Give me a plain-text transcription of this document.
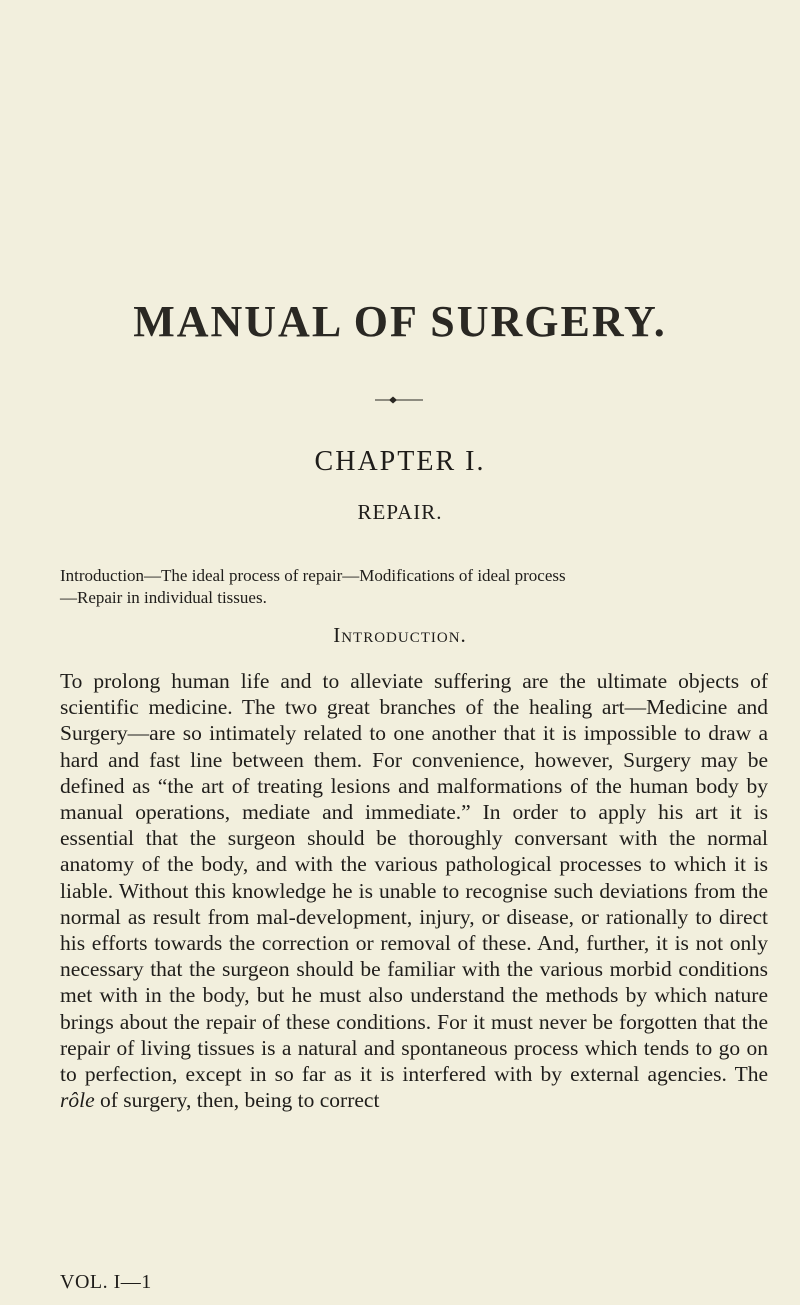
MANUAL OF SURGERY.
CHAPTER I.
REPAIR.
Introduction—The ideal process of repair—Modifications of ideal process
—Repair in individual tissues.
Introduction.

To prolong human life and to alleviate suffering are the ultimate objects of scientific medicine. The two great branches of the healing art—Medicine and Surgery—are so intimately related to one another that it is impossible to draw a hard and fast line between them. For convenience, however, Surgery may be defined as “the art of treating lesions and malformations of the human body by manual operations, mediate and immediate.” In order to apply his art it is essential that the surgeon should be thoroughly conversant with the normal anatomy of the body, and with the various pathological processes to which it is liable. Without this knowledge he is unable to recognise such deviations from the normal as result from mal-development, injury, or disease, or rationally to direct his efforts towards the correction or removal of these. And, further, it is not only necessary that the surgeon should be familiar with the various morbid conditions met with in the body, but he must also understand the methods by which nature brings about the repair of these conditions. For it must never be forgotten that the repair of living tissues is a natural and spontaneous process which tends to go on to perfection, except in so far as it is interfered with by external agencies. The rôle of surgery, then, being to correct

VOL. I—1
